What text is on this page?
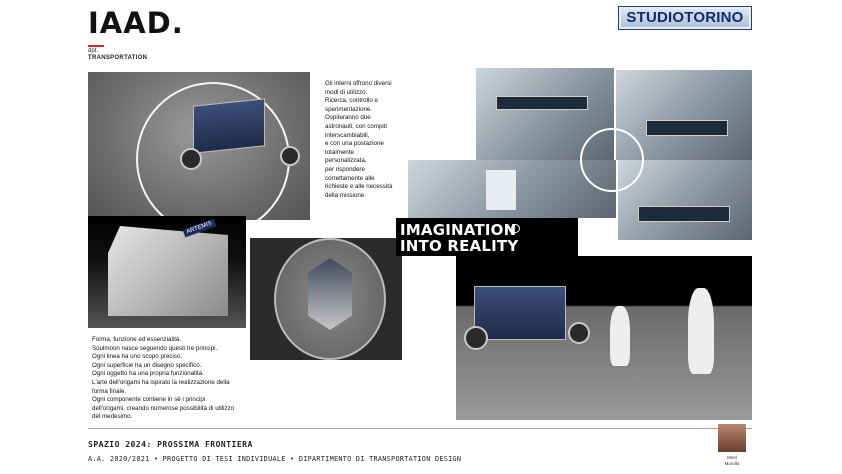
IAAD.
dpt.
TRANSPORTATION
STUDIOTORINO
Gli interni offrono diversi
modi di utilizzo.
Ricerca, controllo e
sperimentazione.
Ospiteranno due
astronauti, con compiti
interscambiabili,
e con una postazione
totalmente
personalizzata,
per rispondere
correttamente alle
richieste e alle necessità
della missione.
ARTEMIS	IMAGINATION
INTO REALITY
Forma, funzione ed essenzialità.
Soulmoon nasce seguendo questi tre principi.
Ogni linea ha uno scopo preciso.
Ogni superficie ha un disegno specifico.
Ogni oggetto ha una propria funzionalità.
L'arte dell'origami ha ispirato la realizzazione della
forma finale.
Ogni componente contiene in sè i principi
dell'origami, creando numerose possibilità di utilizzo
del medesimo.
SPAZIO 2024: PROSSIMA FRONTIERA
A.A. 2020/2021 • PROGETTO DI TESI INDIVIDUALE • DIPARTIMENTO DI TRANSPORTATION DESIGN	Mirel
Morolla
